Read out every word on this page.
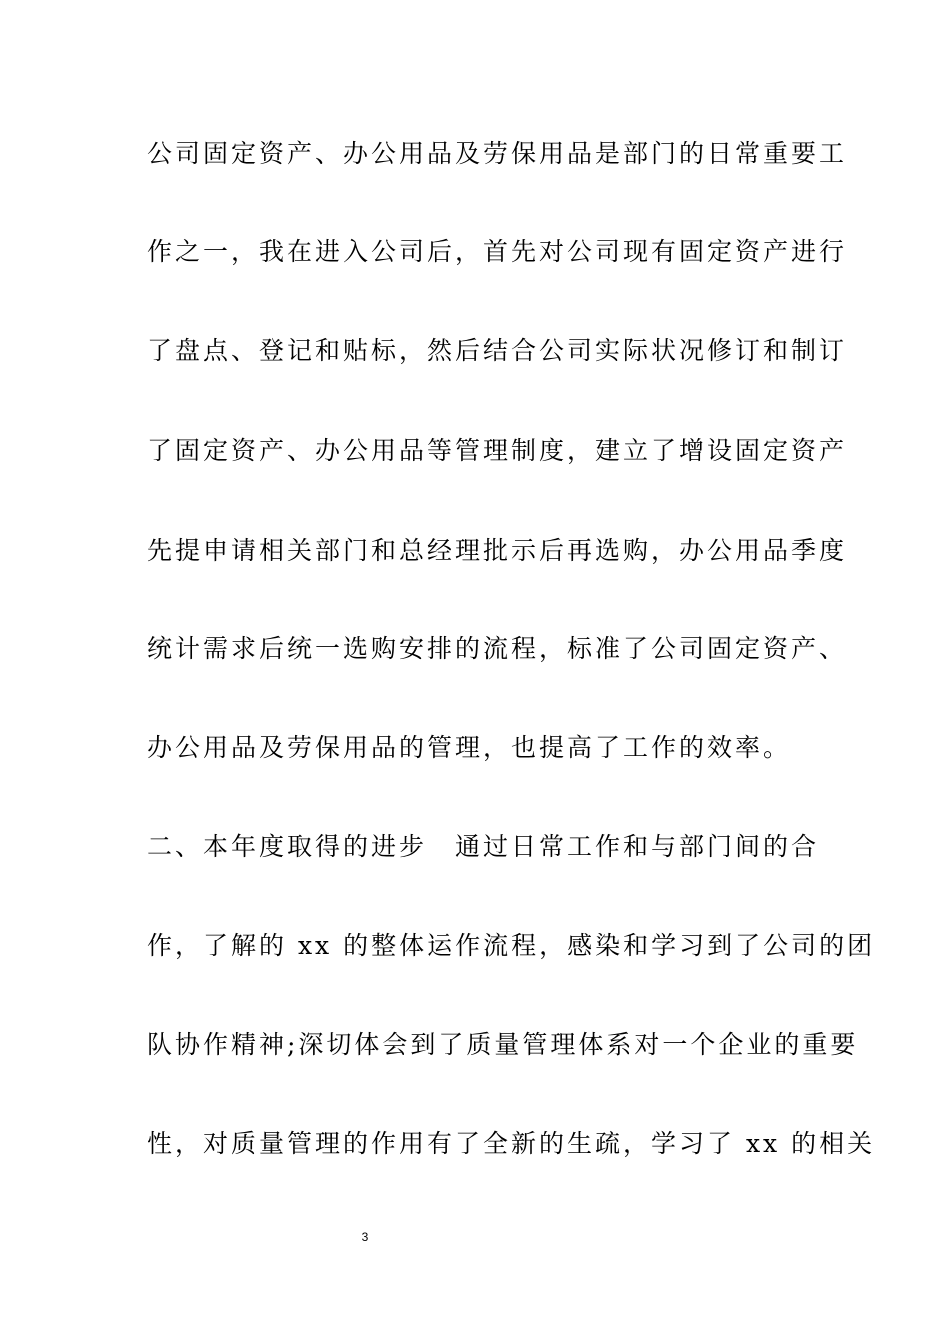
公司固定资产、办公用品及劳保用品是部门的日常重要工
作之一，我在进入公司后，首先对公司现有固定资产进行
了盘点、登记和贴标，然后结合公司实际状况修订和制订
了固定资产、办公用品等管理制度，建立了增设固定资产
先提申请相关部门和总经理批示后再选购，办公用品季度
统计需求后统一选购安排的流程，标准了公司固定资产、
办公用品及劳保用品的管理，也提高了工作的效率。
二、本年度取得的进步　通过日常工作和与部门间的合
作，了解的 xx 的整体运作流程，感染和学习到了公司的团
队协作精神;深切体会到了质量管理体系对一个企业的重要
性，对质量管理的作用有了全新的生疏，学习了 xx 的相关
3
